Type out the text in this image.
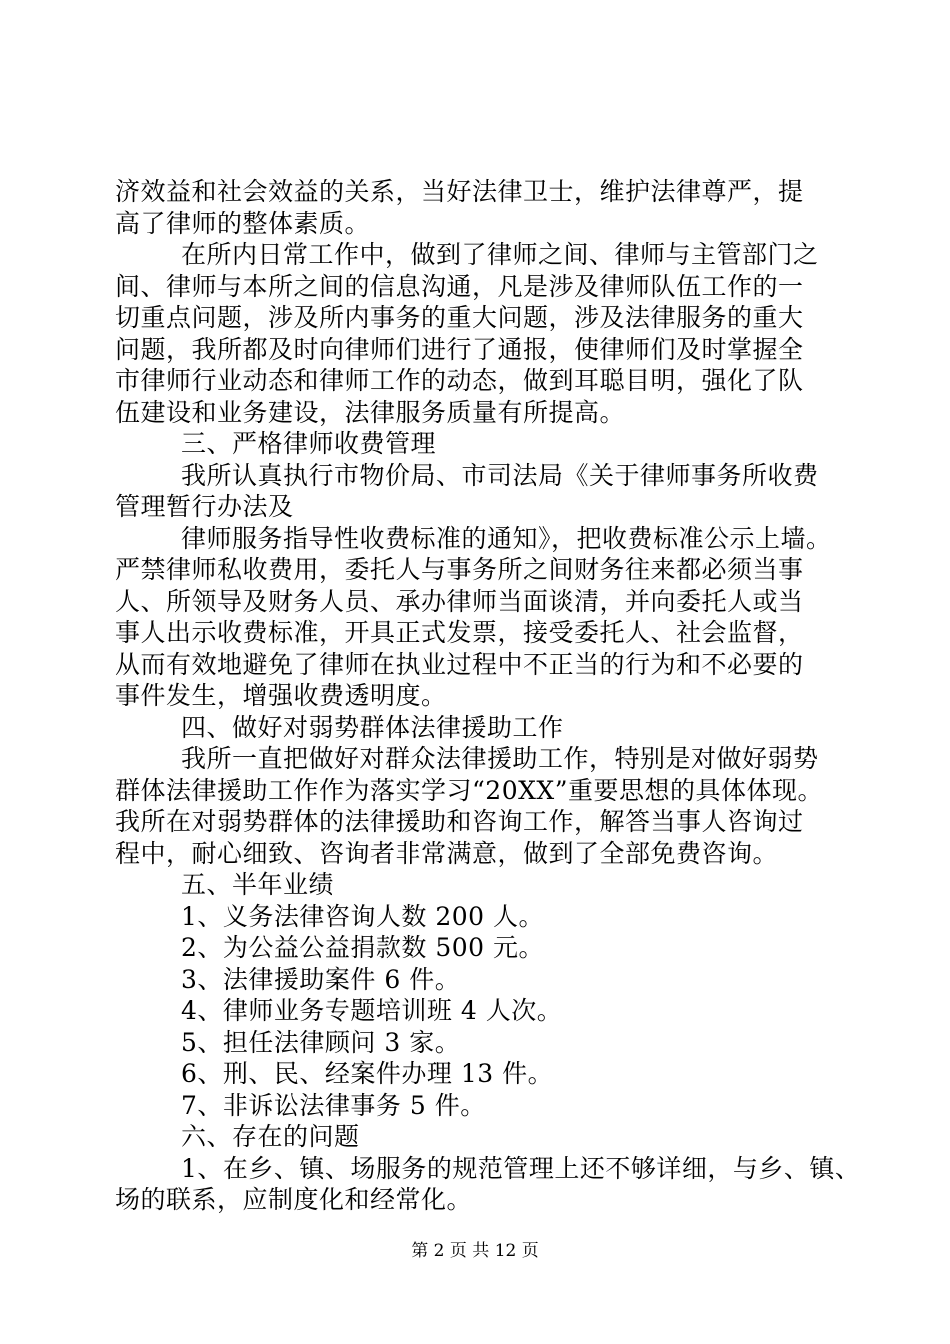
济效益和社会效益的关系，当好法律卫士，维护法律尊严，提
高了律师的整体素质。
在所内日常工作中，做到了律师之间、律师与主管部门之
间、律师与本所之间的信息沟通，凡是涉及律师队伍工作的一
切重点问题，涉及所内事务的重大问题，涉及法律服务的重大
问题，我所都及时向律师们进行了通报，使律师们及时掌握全
市律师行业动态和律师工作的动态，做到耳聪目明，强化了队
伍建设和业务建设，法律服务质量有所提高。
三、严格律师收费管理
我所认真执行市物价局、市司法局《关于律师事务所收费
管理暂行办法及
律师服务指导性收费标准的通知》，把收费标准公示上墙。
严禁律师私收费用，委托人与事务所之间财务往来都必须当事
人、所领导及财务人员、承办律师当面谈清，并向委托人或当
事人出示收费标准，开具正式发票，接受委托人、社会监督，
从而有效地避免了律师在执业过程中不正当的行为和不必要的
事件发生，增强收费透明度。
四、做好对弱势群体法律援助工作
我所一直把做好对群众法律援助工作，特别是对做好弱势
群体法律援助工作作为落实学习“20XX”重要思想的具体体现。
我所在对弱势群体的法律援助和咨询工作，解答当事人咨询过
程中，耐心细致、咨询者非常满意，做到了全部免费咨询。
五、半年业绩
1、义务法律咨询人数 200 人。
2、为公益公益捐款数 500 元。
3、法律援助案件 6 件。
4、律师业务专题培训班 4 人次。
5、担任法律顾问 3 家。
6、刑、民、经案件办理 13 件。
7、非诉讼法律事务 5 件。
六、存在的问题
1、在乡、镇、场服务的规范管理上还不够详细，与乡、镇、
场的联系，应制度化和经常化。
第 2 页 共 12 页
